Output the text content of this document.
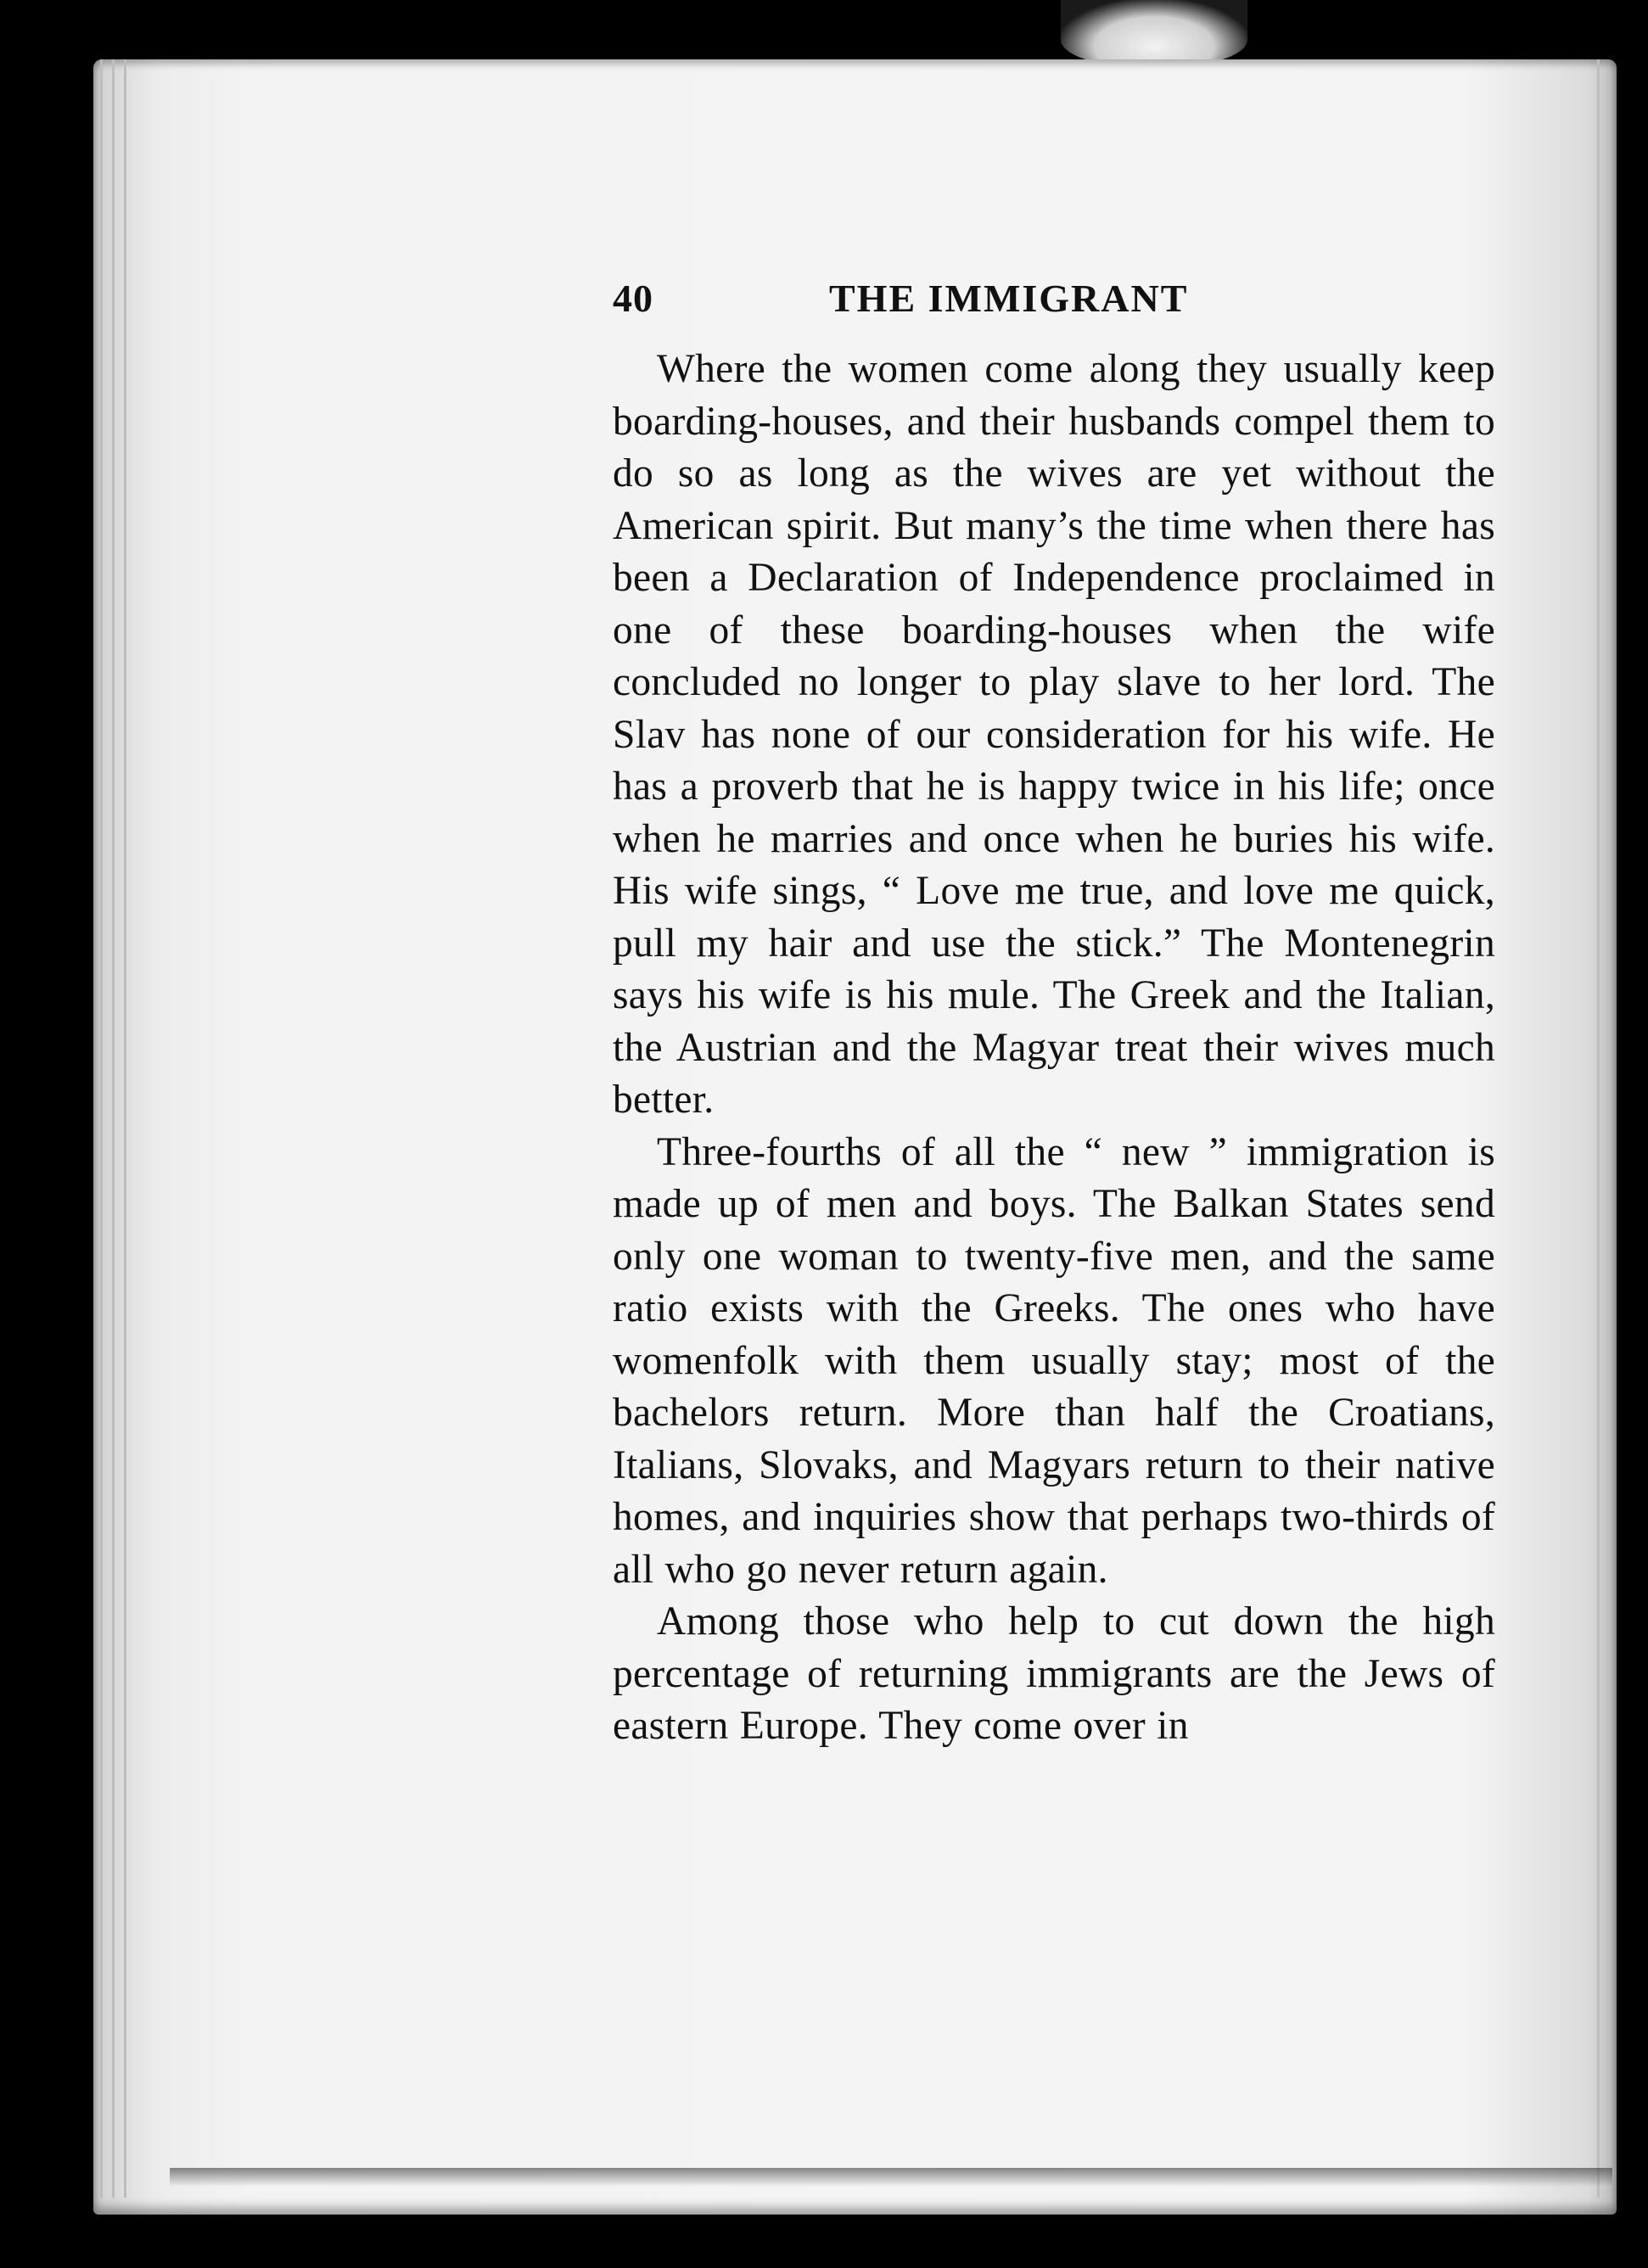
40	THE IMMIGRANT

Where the women come along they usually keep boarding-houses, and their husbands compel them to do so as long as the wives are yet without the American spirit. But many’s the time when there has been a Declaration of Independence proclaimed in one of these boarding-houses when the wife concluded no longer to play slave to her lord. The Slav has none of our consideration for his wife. He has a proverb that he is happy twice in his life; once when he marries and once when he buries his wife. His wife sings, “ Love me true, and love me quick, pull my hair and use the stick.” The Montenegrin says his wife is his mule. The Greek and the Italian, the Austrian and the Magyar treat their wives much better.

Three-fourths of all the “ new ” immigration is made up of men and boys. The Balkan States send only one woman to twenty-five men, and the same ratio exists with the Greeks. The ones who have womenfolk with them usually stay; most of the bachelors return. More than half the Croatians, Italians, Slovaks, and Magyars return to their native homes, and inquiries show that perhaps two-thirds of all who go never return again.

Among those who help to cut down the high percentage of returning immigrants are the Jews of eastern Europe. They come over in
